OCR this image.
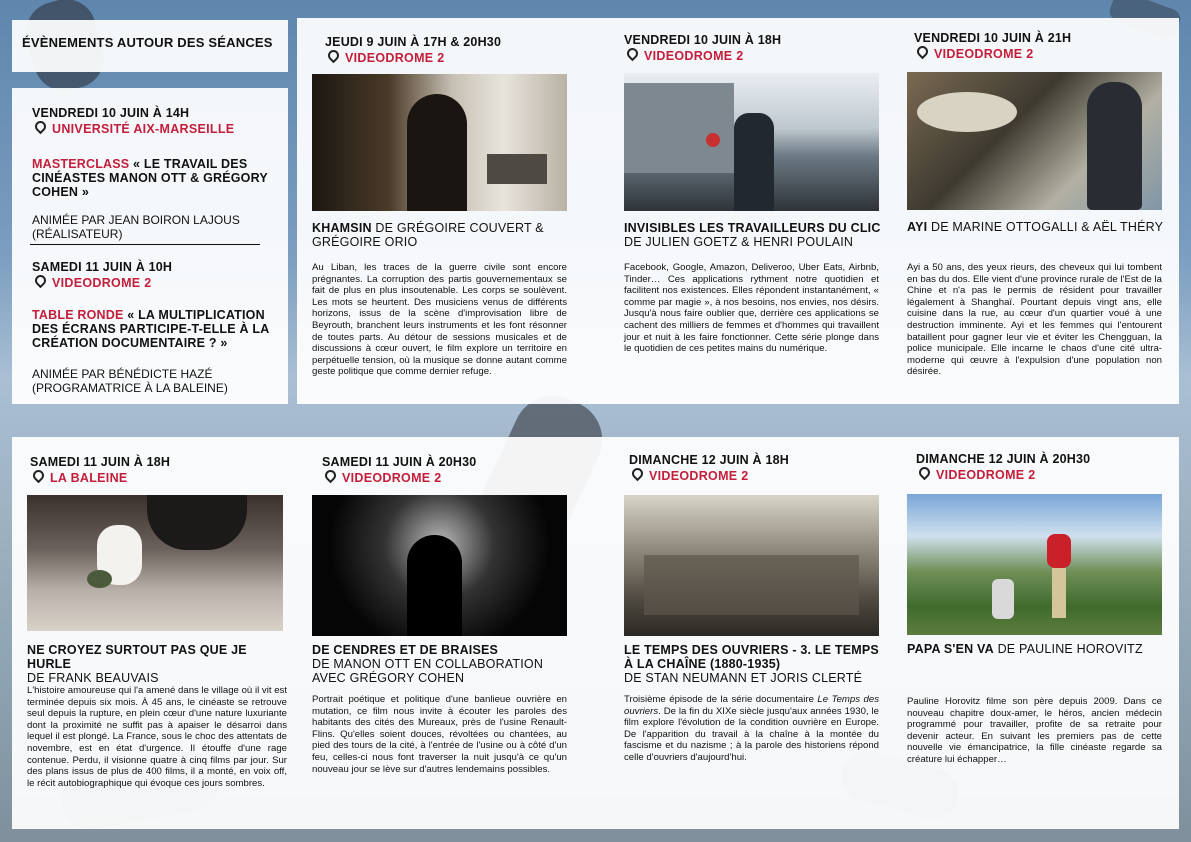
ÉVÈNEMENTS AUTOUR DES SÉANCES
VENDREDI 10 JUIN À 14H
UNIVERSITÉ AIX-MARSEILLE
MASTERCLASS « LE TRAVAIL DES CINÉASTES MANON OTT & GRÉGORY COHEN »
ANIMÉE PAR JEAN BOIRON LAJOUS (RÉALISATEUR)
SAMEDI 11 JUIN À 10H
VIDEODROME 2
TABLE RONDE « LA MULTIPLICATION DES ÉCRANS PARTICIPE-T-ELLE À LA CRÉATION DOCUMENTAIRE ? »
ANIMÉE PAR BÉNÉDICTE HAZÉ (PROGRAMATRICE À LA BALEINE)
JEUDI 9 JUIN À 17H & 20H30
VIDEODROME 2
KHAMSIN DE GRÉGOIRE COUVERT &
GRÉGOIRE ORIO
Au Liban, les traces de la guerre civile sont encore prégnantes. La corruption des partis gouvernementaux se fait de plus en plus insoutenable. Les corps se soulèvent. Les mots se heurtent. Des musiciens venus de différents horizons, issus de la scène d'improvisation libre de Beyrouth, branchent leurs instruments et les font résonner de toutes parts. Au détour de sessions musicales et de discussions à cœur ouvert, le film explore un territoire en perpétuelle tension, où la musique se donne autant comme geste politique que comme dernier refuge.
VENDREDI 10 JUIN À 18H
VIDEODROME 2
INVISIBLES LES TRAVAILLEURS DU CLIC
DE JULIEN GOETZ & HENRI POULAIN
Facebook, Google, Amazon, Deliveroo, Uber Eats, Airbnb, Tinder… Ces applications rythment notre quotidien et facilitent nos existences. Elles répondent instantanément, « comme par magie », à nos besoins, nos envies, nos désirs. Jusqu'à nous faire oublier que, derrière ces applications se cachent des milliers de femmes et d'hommes qui travaillent jour et nuit à les faire fonctionner. Cette série plonge dans le quotidien de ces petites mains du numérique.
VENDREDI 10 JUIN À 21H
VIDEODROME 2
AYI DE MARINE OTTOGALLI & AËL THÉRY
Ayi a 50 ans, des yeux rieurs, des cheveux qui lui tombent en bas du dos. Elle vient d'une province rurale de l'Est de la Chine et n'a pas le permis de résident pour travailler légalement à Shanghaï. Pourtant depuis vingt ans, elle cuisine dans la rue, au cœur d'un quartier voué à une destruction imminente. Ayi et les femmes qui l'entourent bataillent pour gagner leur vie et éviter les Chengguan, la police municipale. Elle incarne le chaos d'une cité ultra-moderne qui œuvre à l'expulsion d'une population non désirée.
SAMEDI 11 JUIN À 18H
LA BALEINE
NE CROYEZ SURTOUT PAS QUE JE HURLE
DE FRANK BEAUVAIS
L'histoire amoureuse qui l'a amené dans le village où il vit est terminée depuis six mois. À 45 ans, le cinéaste se retrouve seul depuis la rupture, en plein cœur d'une nature luxuriante dont la proximité ne suffit pas à apaiser le désarroi dans lequel il est plongé. La France, sous le choc des attentats de novembre, est en état d'urgence. Il étouffe d'une rage contenue. Perdu, il visionne quatre à cinq films par jour. Sur des plans issus de plus de 400 films, il a monté, en voix off, le récit autobiographique qui évoque ces jours sombres.
SAMEDI 11 JUIN À 20H30
VIDEODROME 2
DE CENDRES ET DE BRAISES
DE MANON OTT EN COLLABORATION
AVEC GRÉGORY COHEN
Portrait poétique et politique d'une banlieue ouvrière en mutation, ce film nous invite à écouter les paroles des habitants des cités des Mureaux, près de l'usine Renault-Flins. Qu'elles soient douces, révoltées ou chantées, au pied des tours de la cité, à l'entrée de l'usine ou à côté d'un feu, celles-ci nous font traverser la nuit jusqu'à ce qu'un nouveau jour se lève sur d'autres lendemains possibles.
DIMANCHE 12 JUIN À 18H
VIDEODROME 2
LE TEMPS DES OUVRIERS - 3. LE TEMPS À LA CHAÎNE (1880-1935)
DE STAN NEUMANN ET JORIS CLERTÉ
Troisième épisode de la série documentaire Le Temps des ouvriers. De la fin du XIXe siècle jusqu'aux années 1930, le film explore l'évolution de la condition ouvrière en Europe. De l'apparition du travail à la chaîne à la montée du fascisme et du nazisme ; à la parole des historiens répond celle d'ouvriers d'aujourd'hui.
DIMANCHE 12 JUIN À 20H30
VIDEODROME 2
PAPA S'EN VA DE PAULINE HOROVITZ
Pauline Horovitz filme son père depuis 2009. Dans ce nouveau chapitre doux-amer, le héros, ancien médecin programmé pour travailler, profite de sa retraite pour devenir acteur. En suivant les premiers pas de cette nouvelle vie émancipatrice, la fille cinéaste regarde sa créature lui échapper…
